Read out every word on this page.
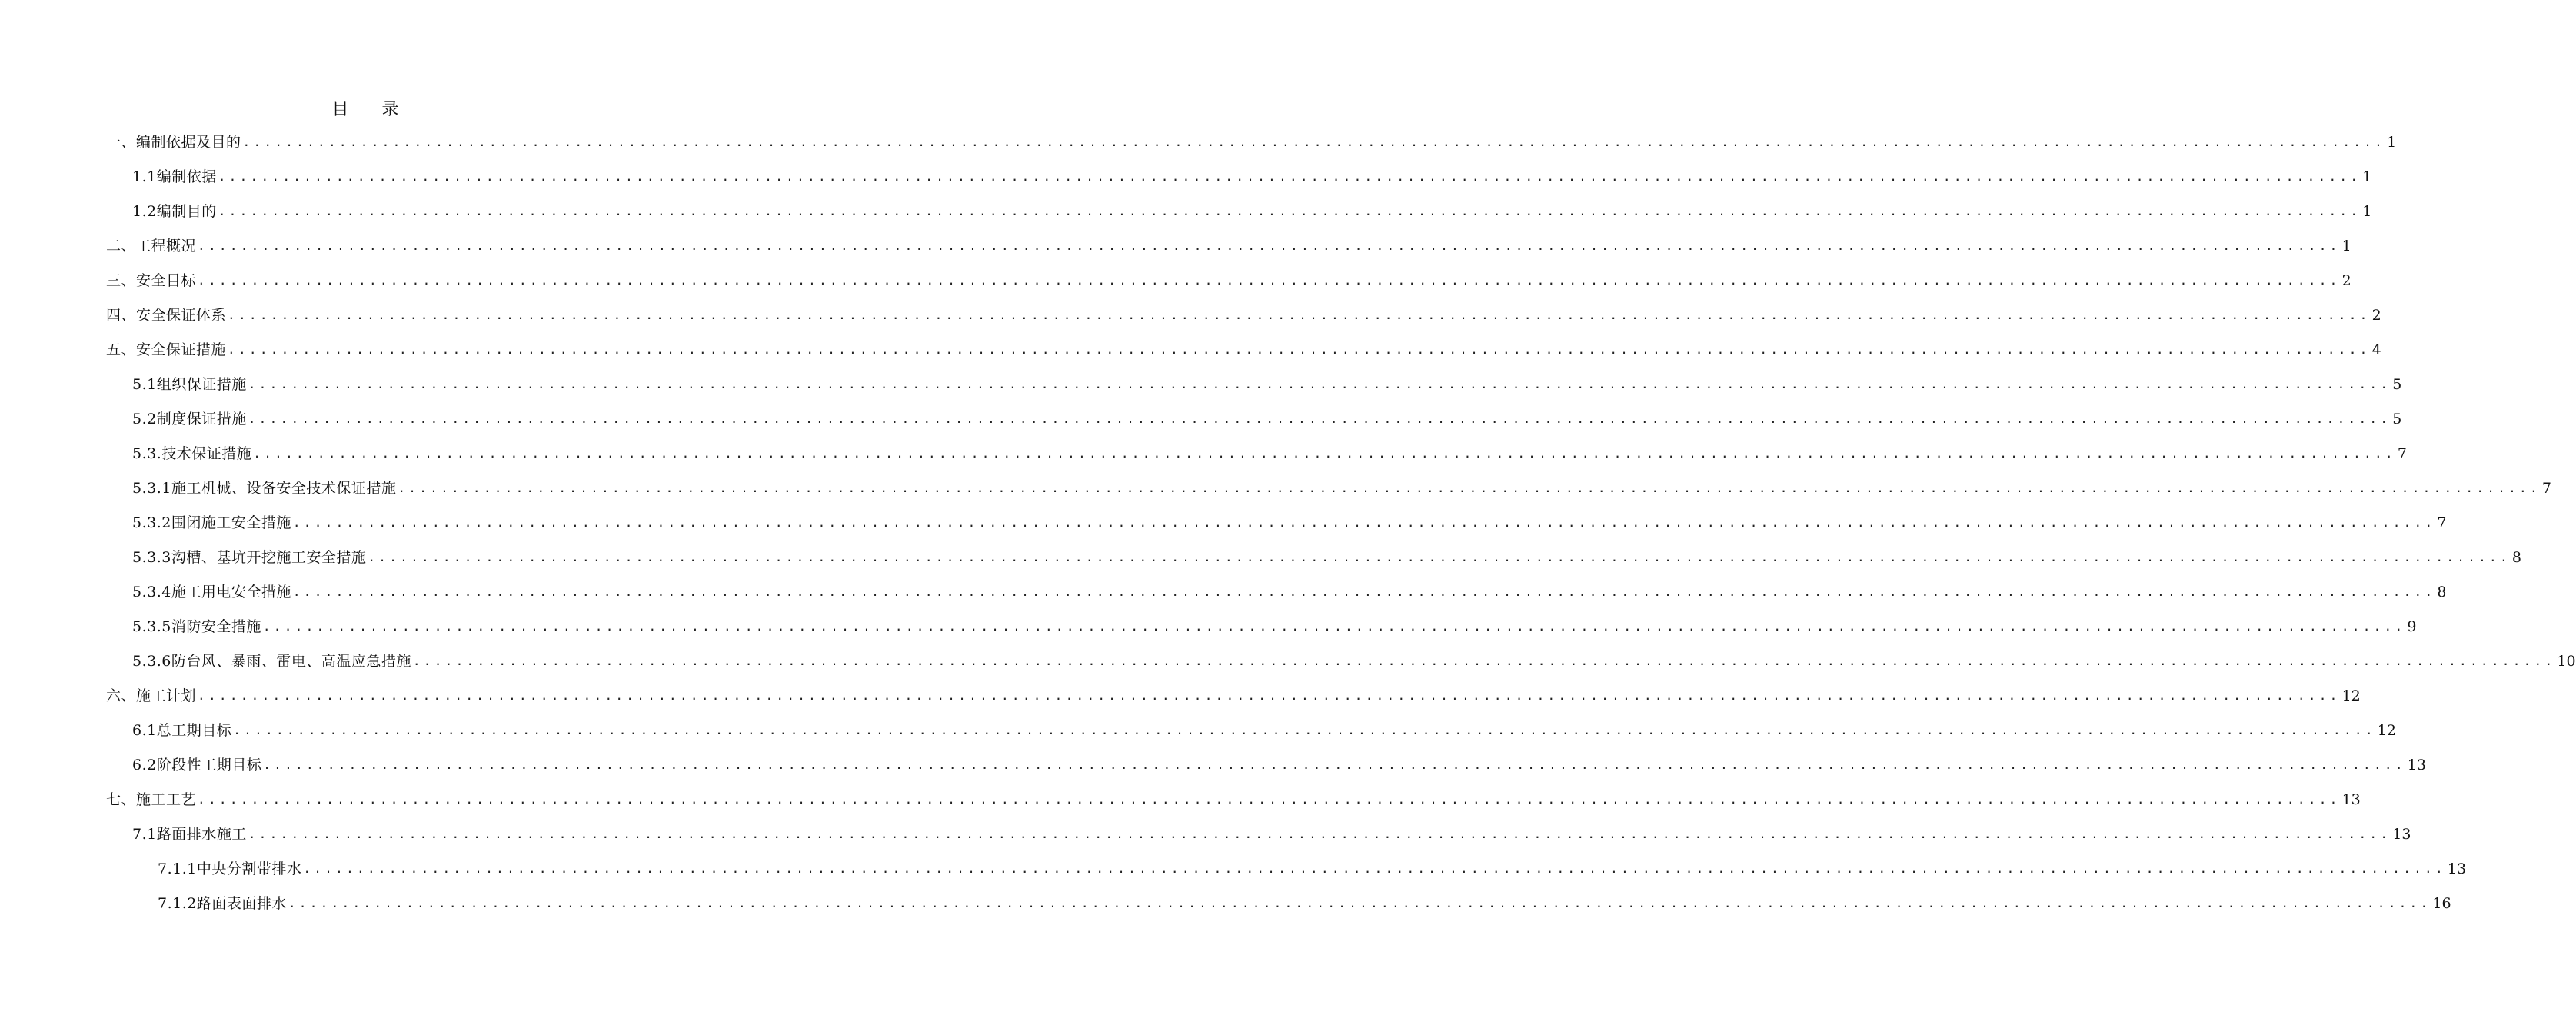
目 录
一、编制依据及目的 ........................................................................................................................................................................................................ 1
1.1编制依据 ........................................................................................................................................................................................................ 1
1.2编制目的 ........................................................................................................................................................................................................ 1
二、工程概况 ........................................................................................................................................................................................................ 1
三、安全目标 ........................................................................................................................................................................................................ 2
四、安全保证体系 ........................................................................................................................................................................................................ 2
五、安全保证措施 ........................................................................................................................................................................................................ 4
5.1组织保证措施 ........................................................................................................................................................................................................ 5
5.2制度保证措施 ........................................................................................................................................................................................................ 5
5.3.技术保证措施 ........................................................................................................................................................................................................ 7
5.3.1施工机械、设备安全技术保证措施 ........................................................................................................................................................................................................ 7
5.3.2围闭施工安全措施 ........................................................................................................................................................................................................ 7
5.3.3沟槽、基坑开挖施工安全措施 ........................................................................................................................................................................................................ 8
5.3.4施工用电安全措施 ........................................................................................................................................................................................................ 8
5.3.5消防安全措施 ........................................................................................................................................................................................................ 9
5.3.6防台风、暴雨、雷电、高温应急措施 ........................................................................................................................................................................................................ 10
六、施工计划 ........................................................................................................................................................................................................ 12
6.1总工期目标 ........................................................................................................................................................................................................ 12
6.2阶段性工期目标 ........................................................................................................................................................................................................ 13
七、施工工艺 ........................................................................................................................................................................................................ 13
7.1路面排水施工 ........................................................................................................................................................................................................ 13
7.1.1中央分割带排水 ........................................................................................................................................................................................................ 13
7.1.2路面表面排水 ........................................................................................................................................................................................................ 16
